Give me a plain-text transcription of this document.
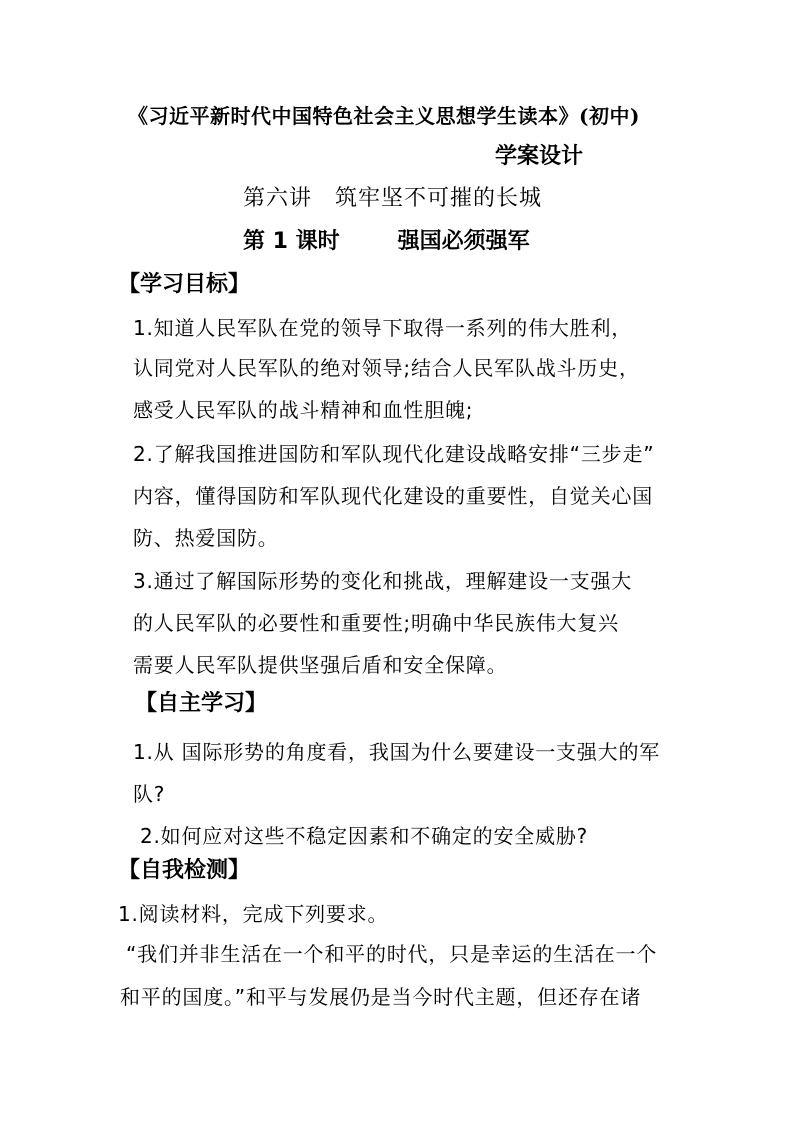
《习近平新时代中国特色社会主义思想学生读本》(初中)
学案设计
第六讲　筑牢坚不可摧的长城
第 1 课时	强国必须强军
【学习目标】
1.知道人民军队在党的领导下取得一系列的伟大胜利，
认同党对人民军队的绝对领导;结合人民军队战斗历史，
感受人民军队的战斗精神和血性胆魄;
2.了解我国推进国防和军队现代化建设战略安排“三步走”
内容，懂得国防和军队现代化建设的重要性，自觉关心国
防、热爱国防。
3.通过了解国际形势的变化和挑战，理解建设一支强大
的人民军队的必要性和重要性;明确中华民族伟大复兴
需要人民军队提供坚强后盾和安全保障。
【自主学习】
1.从 国际形势的角度看，我国为什么要建设一支强大的军
队?
2.如何应对这些不稳定因素和不确定的安全威胁?
【自我检测】
1.阅读材料，完成下列要求。
“我们并非生活在一个和平的时代，只是幸运的生活在一个
和平的国度。”和平与发展仍是当今时代主题，但还存在诸
